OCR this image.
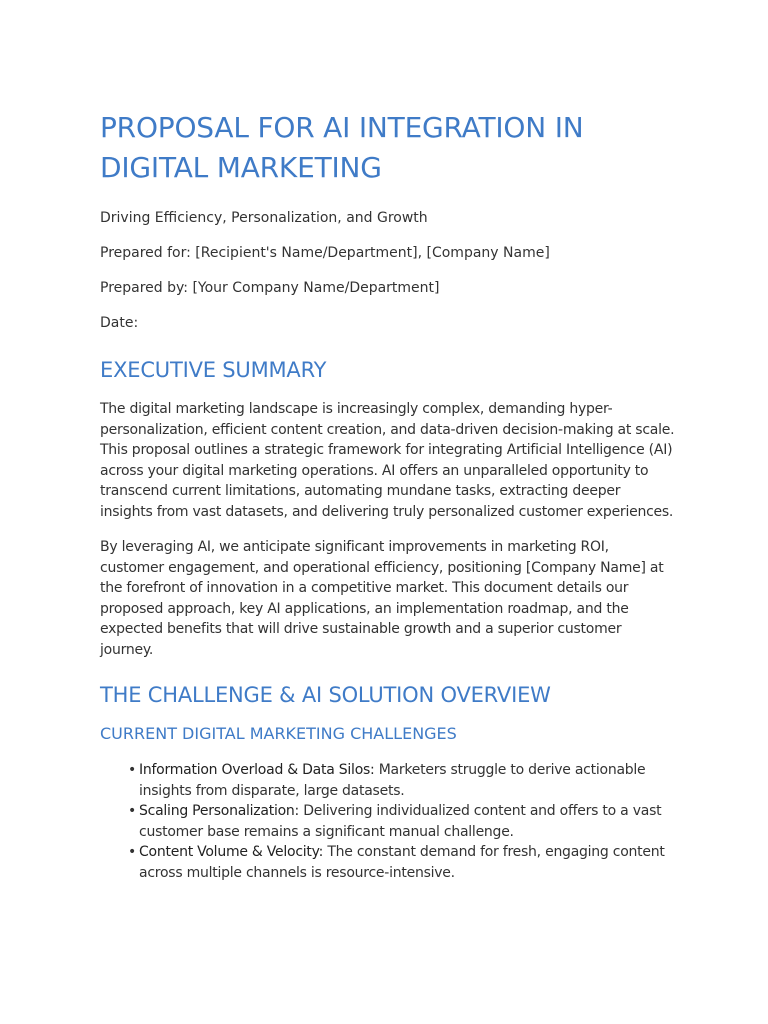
PROPOSAL FOR AI INTEGRATION IN
DIGITAL MARKETING

Driving Efficiency, Personalization, and Growth

Prepared for: [Recipient's Name/Department], [Company Name]

Prepared by: [Your Company Name/Department]

Date:

EXECUTIVE SUMMARY

The digital marketing landscape is increasingly complex, demanding hyper-personalization, efficient content creation, and data-driven decision-making at scale. This proposal outlines a strategic framework for integrating Artificial Intelligence (AI) across your digital marketing operations. AI offers an unparalleled opportunity to transcend current limitations, automating mundane tasks, extracting deeper insights from vast datasets, and delivering truly personalized customer experiences.

By leveraging AI, we anticipate significant improvements in marketing ROI, customer engagement, and operational efficiency, positioning [Company Name] at the forefront of innovation in a competitive market. This document details our proposed approach, key AI applications, an implementation roadmap, and the expected benefits that will drive sustainable growth and a superior customer journey.

THE CHALLENGE & AI SOLUTION OVERVIEW
CURRENT DIGITAL MARKETING CHALLENGES
• Information Overload & Data Silos: Marketers struggle to derive actionable insights from disparate, large datasets.
• Scaling Personalization: Delivering individualized content and offers to a vast customer base remains a significant manual challenge.
• Content Volume & Velocity: The constant demand for fresh, engaging content across multiple channels is resource-intensive.
